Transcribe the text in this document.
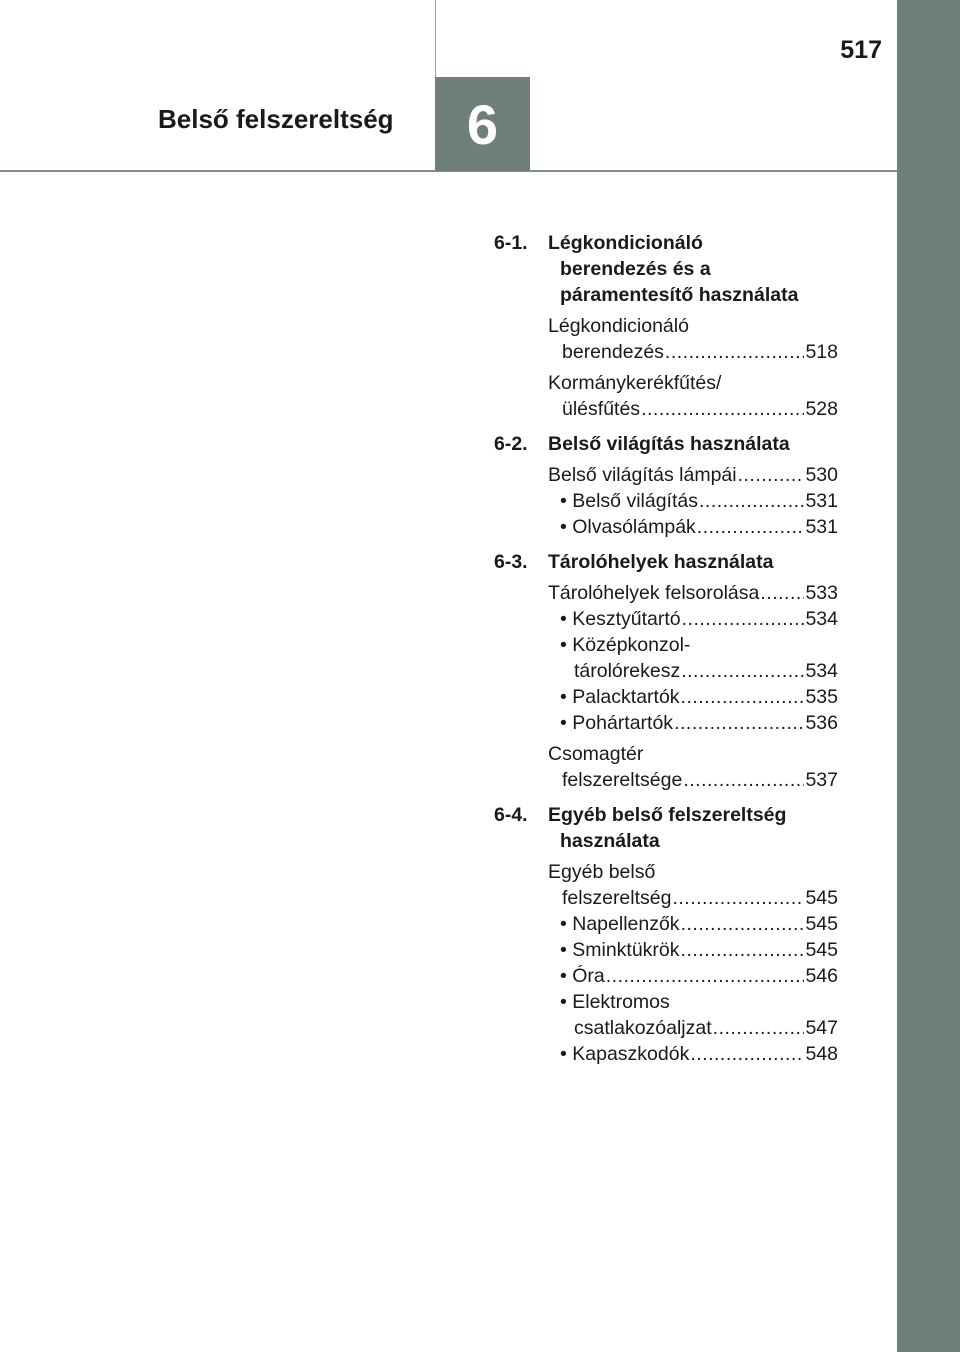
Belső felszereltség	6
517
6-1.	Légkondicionáló
berendezés és a
páramentesítő használata
Légkondicionáló
berendezés .....	518
Kormánykerékfűtés/
ülésfűtés .....	528
6-2.	Belső világítás használata
Belső világítás lámpái .....	530
• Belső világítás .....	531
• Olvasólámpák .....	531
6-3.	Tárolóhelyek használata
Tárolóhelyek felsorolása ..... 533
• Kesztyűtartó .....	534
• Középkonzol-
tárolórekesz .....	534
• Palacktartók .....	535
• Pohártartók .....	536
Csomagtér
felszereltsége .....	537
6-4.	Egyéb belső felszereltség
használata
Egyéb belső
felszereltség .....	545
• Napellenzők .....	545
• Sminktükrök .....	545
• Óra .....	546
• Elektromos
csatlakozóaljzat .....	547
• Kapaszkodók .....	548
